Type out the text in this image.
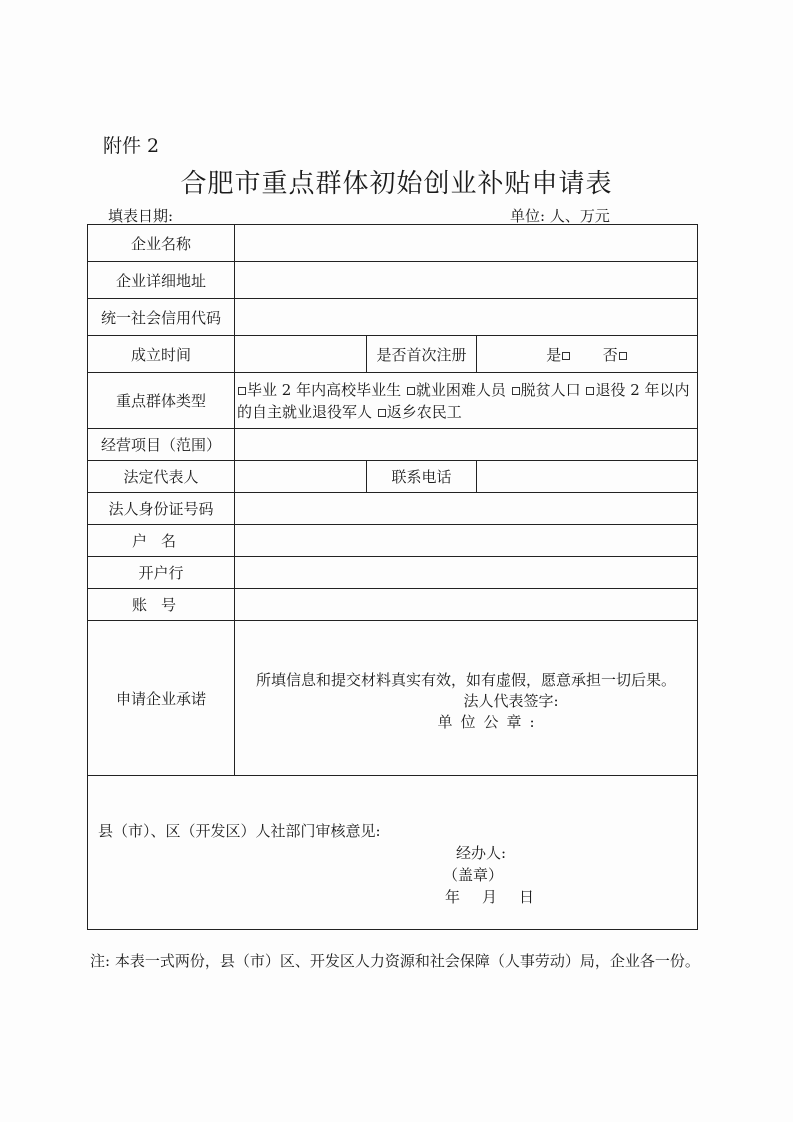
附件 2
合肥市重点群体初始创业补贴申请表
填表日期:	单位: 人、万元
企业名称			
企业详细地址			
统一社会信用代码			
成立时间		是否首次注册	是 否
重点群体类型	毕业 2 年内高校毕业生 就业困难人员 脱贫人口 退役 2 年以内的自主就业退役军人 返乡农民工		
经营项目（范围）			
法定代表人		联系电话	
法人身份证号码			
户名			
开户行			
账号			
申请企业承诺	所填信息和提交材料真实有效，如有虚假，愿意承担一切后果。
法人代表签字:
单位公章:		

县（市）、区（开发区）人社部门审核意见:
经办人:
（盖章）
年月日			
注: 本表一式两份，县（市）区、开发区人力资源和社会保障（人事劳动）局，企业各一份。
